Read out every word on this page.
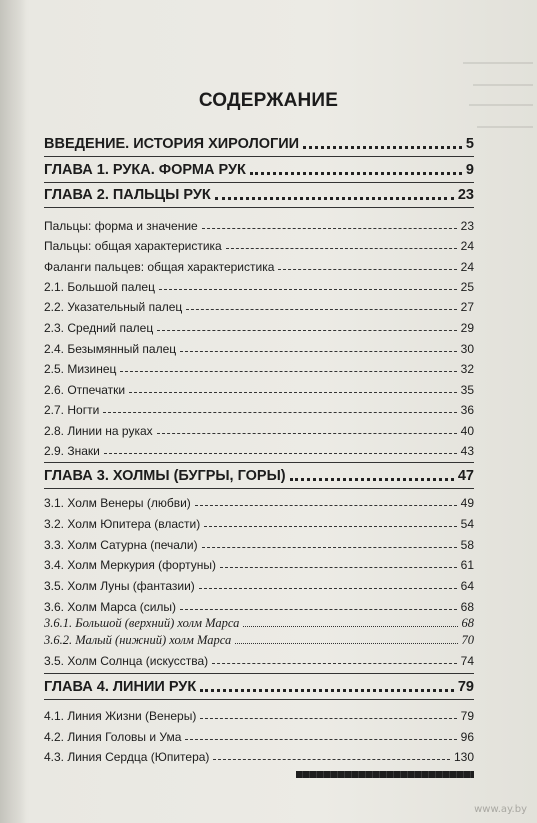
СОДЕРЖАНИЕ
ВВЕДЕНИЕ. ИСТОРИЯ ХИРОЛОГИИ	5
ГЛАВА 1. РУКА. ФОРМА РУК	9
ГЛАВА 2. ПАЛЬЦЫ РУК	23
Пальцы: форма и значение	23
Пальцы: общая характеристика	24
Фаланги пальцев: общая характеристика	24
2.1. Большой палец	25
2.2. Указательный палец	27
2.3. Средний палец	29
2.4. Безымянный палец	30
2.5. Мизинец	32
2.6. Отпечатки	35
2.7. Ногти	36
2.8. Линии на руках	40
2.9. Знаки	43
ГЛАВА 3. ХОЛМЫ (БУГРЫ, ГОРЫ)	47
3.1. Холм Венеры (любви)	49
3.2. Холм Юпитера (власти)	54
3.3. Холм Сатурна (печали)	58
3.4. Холм Меркурия (фортуны)	61
3.5. Холм Луны (фантазии)	64
3.6. Холм Марса (силы)	68
3.6.1. Большой (верхний) холм Марса	68
3.6.2. Малый (нижний) холм Марса	70
3.5. Холм Солнца (искусства)	74
ГЛАВА 4. ЛИНИИ РУК	79
4.1. Линия Жизни (Венеры)	79
4.2. Линия Головы и Ума	96
4.3. Линия Сердца (Юпитера)	130
www.ay.by
